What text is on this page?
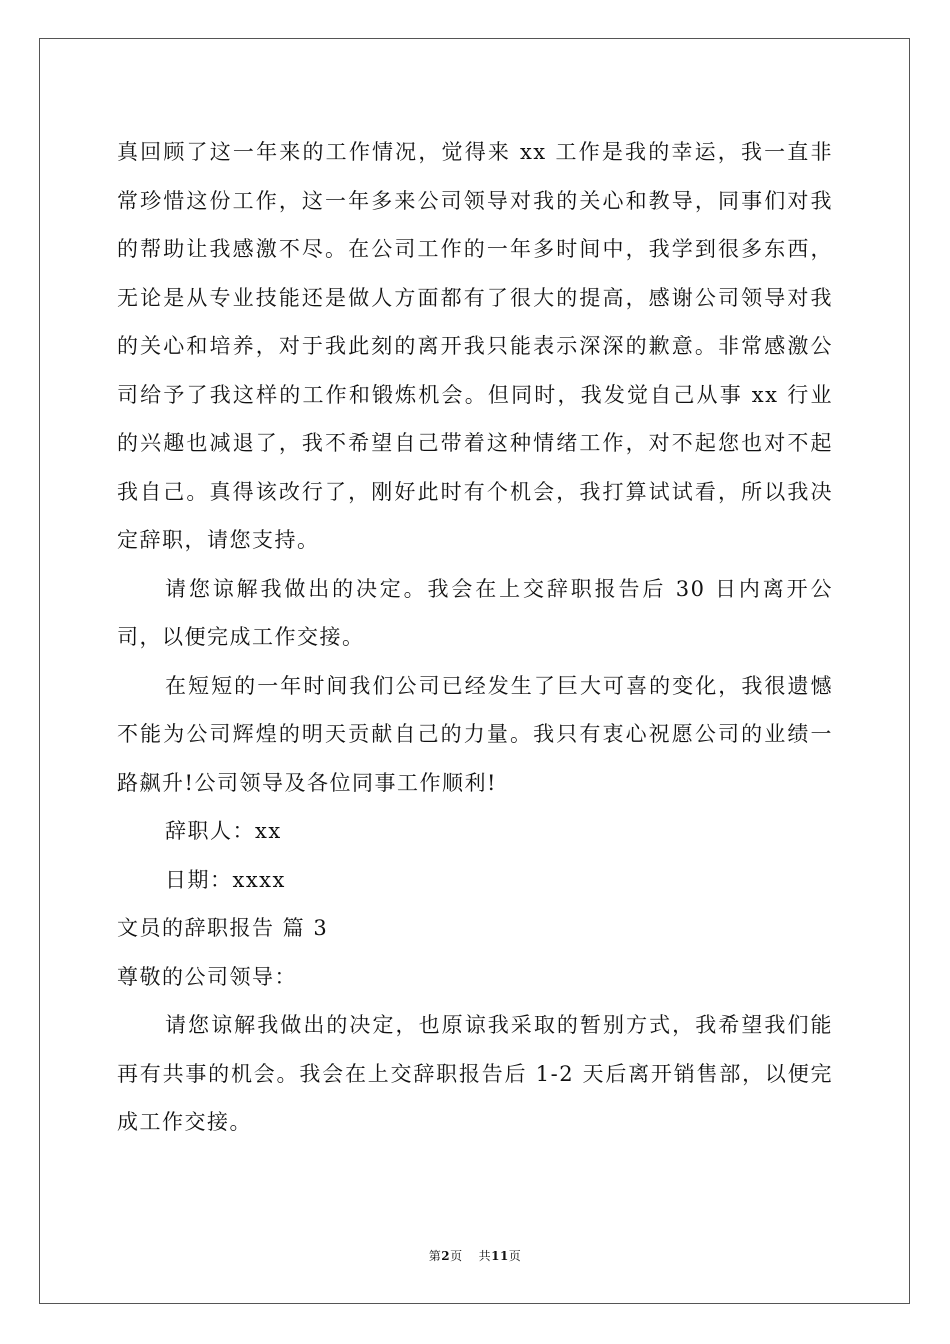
真回顾了这一年来的工作情况，觉得来 xx 工作是我的幸运，我一直非常珍惜这份工作，这一年多来公司领导对我的关心和教导，同事们对我的帮助让我感激不尽。在公司工作的一年多时间中，我学到很多东西，无论是从专业技能还是做人方面都有了很大的提高，感谢公司领导对我的关心和培养，对于我此刻的离开我只能表示深深的歉意。非常感激公司给予了我这样的工作和锻炼机会。但同时，我发觉自己从事 xx 行业的兴趣也减退了，我不希望自己带着这种情绪工作，对不起您也对不起我自己。真得该改行了，刚好此时有个机会，我打算试试看，所以我决定辞职，请您支持。

请您谅解我做出的决定。我会在上交辞职报告后 30 日内离开公司，以便完成工作交接。

在短短的一年时间我们公司已经发生了巨大可喜的变化，我很遗憾不能为公司辉煌的明天贡献自己的力量。我只有衷心祝愿公司的业绩一路飙升!公司领导及各位同事工作顺利!

辞职人：xx

日期：xxxx

文员的辞职报告 篇 3

尊敬的公司领导：

请您谅解我做出的决定，也原谅我采取的暂别方式，我希望我们能再有共事的机会。我会在上交辞职报告后 1-2 天后离开销售部，以便完成工作交接。

第2页 共11页
